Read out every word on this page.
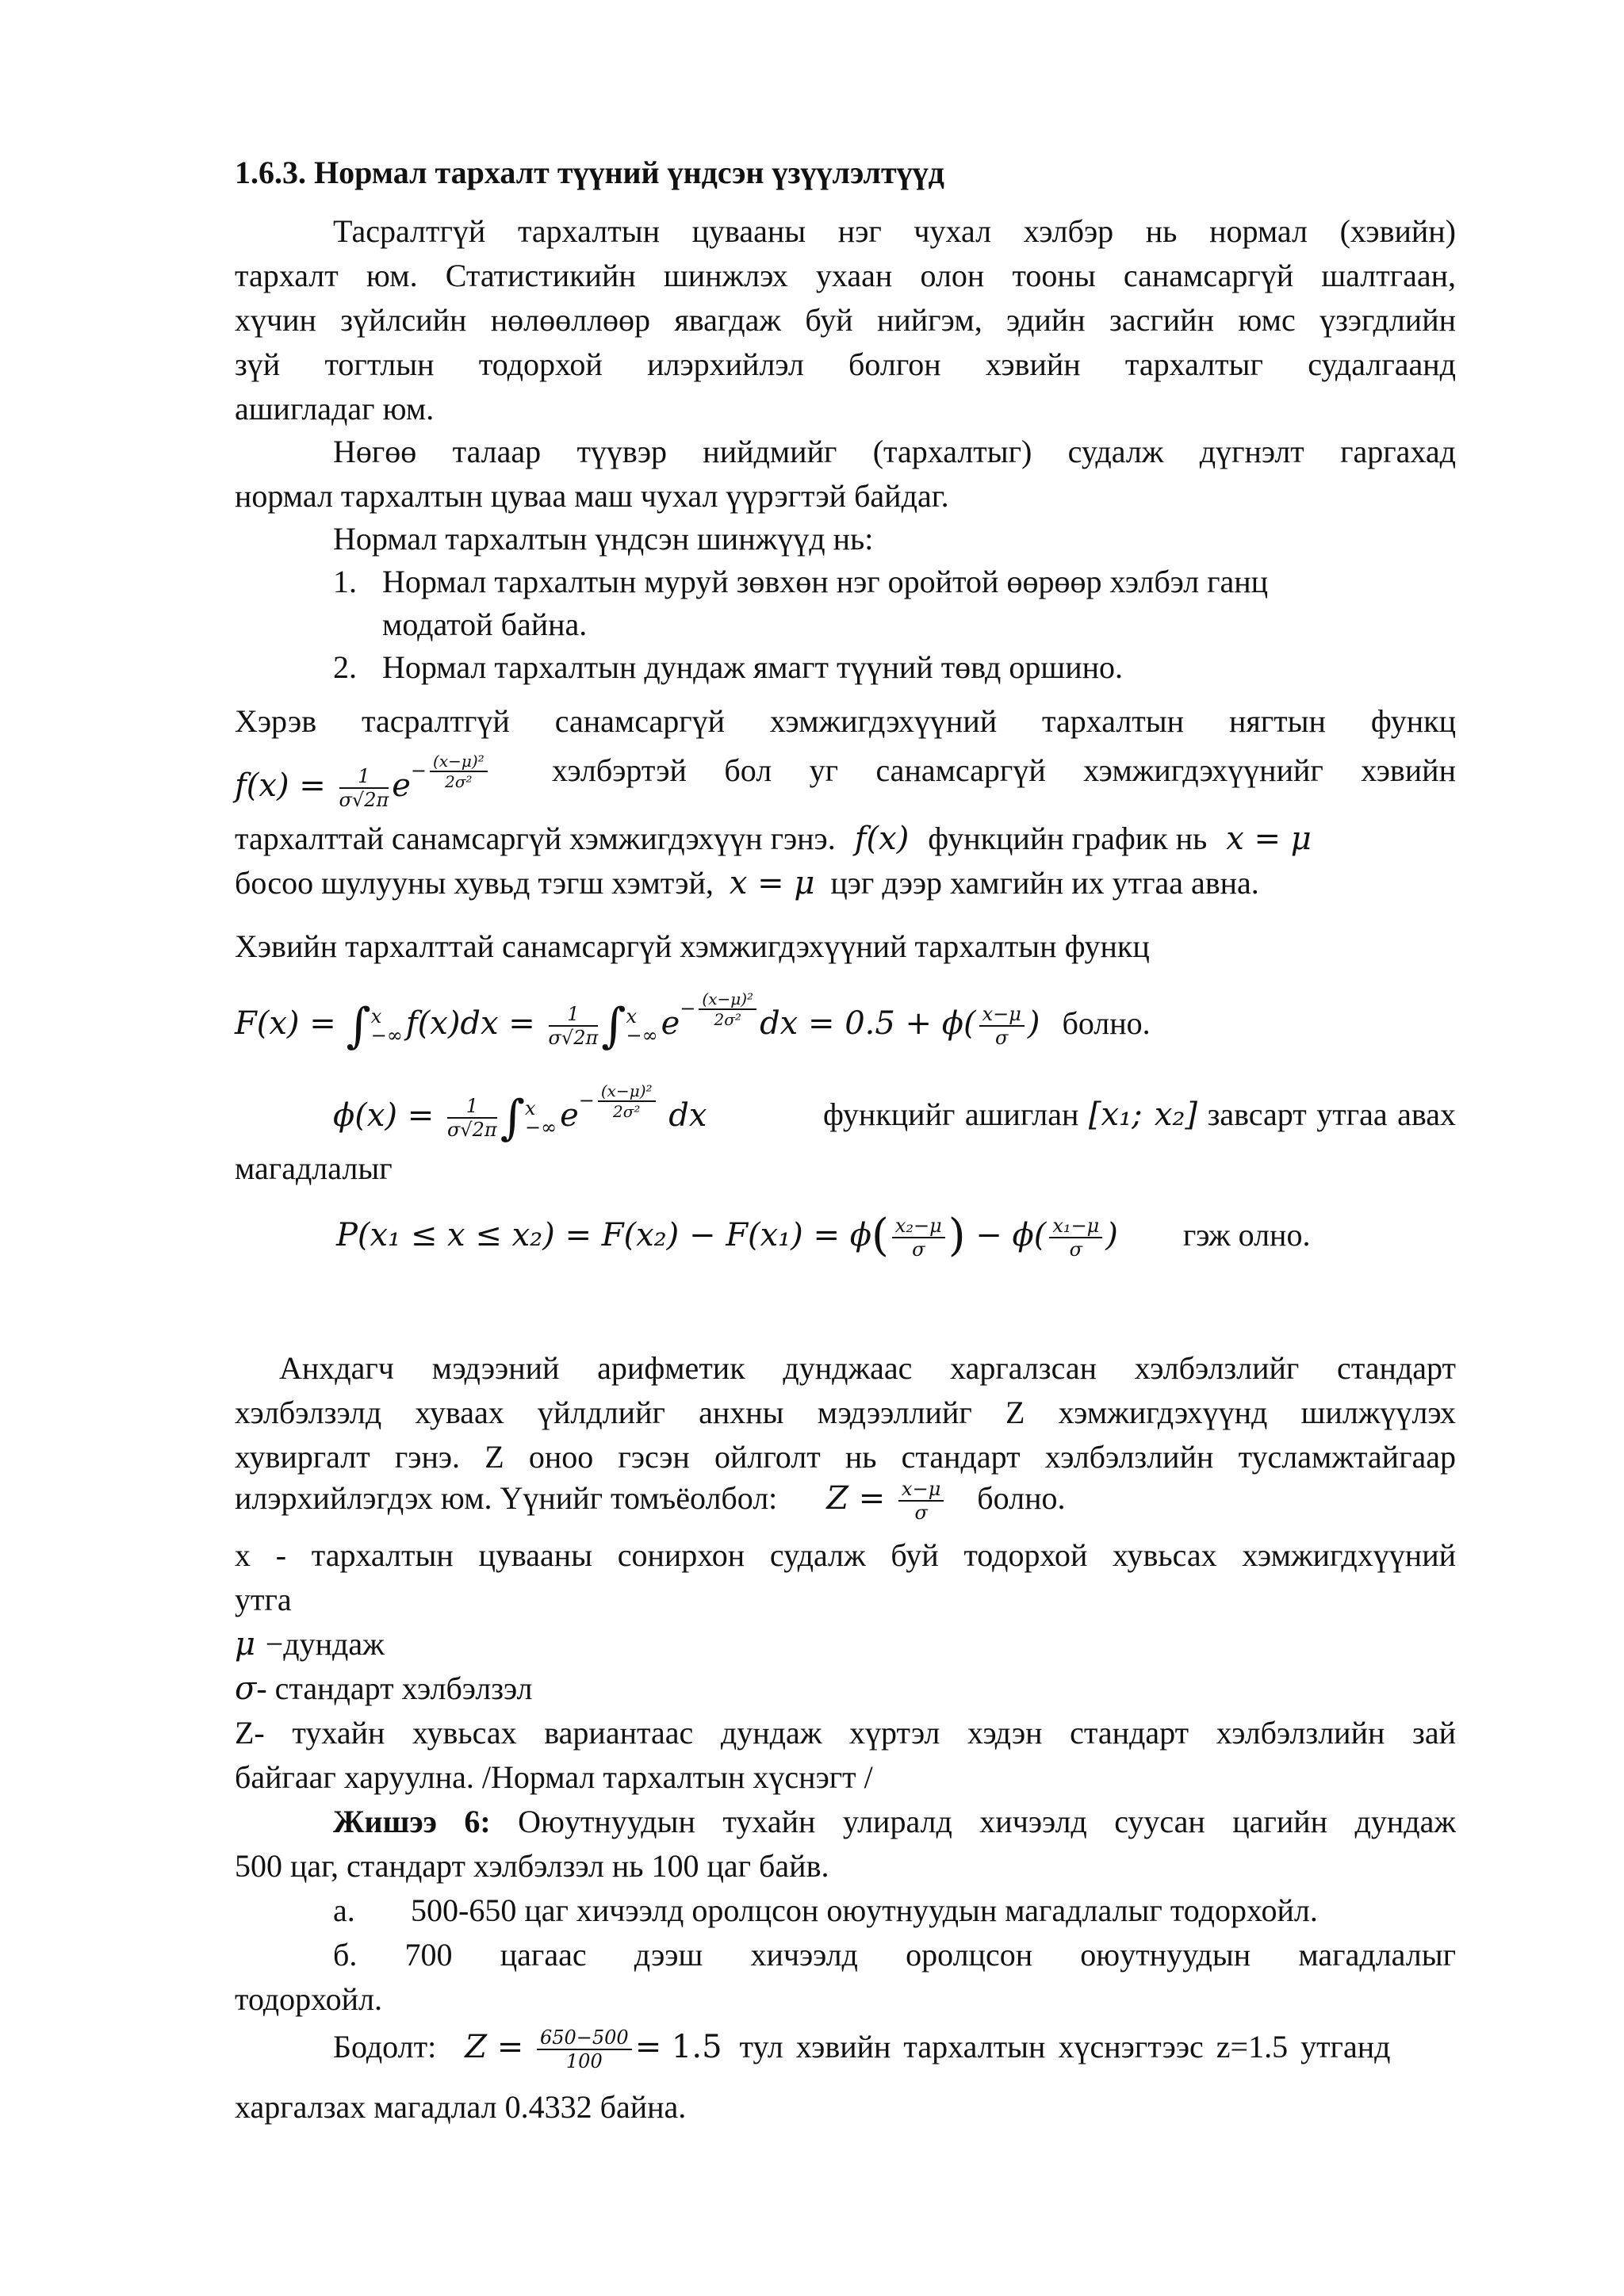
1.6.3. Нормал тархалт түүний үндсэн үзүүлэлтүүд
Тасралтгүй тархалтын цувааны нэг чухал хэлбэр нь нормал (хэвийн)
тархалт юм. Статистикийн шинжлэх ухаан олон тооны санамсаргүй шалтгаан,
хүчин зүйлсийн нөлөөллөөр явагдаж буй нийгэм, эдийн засгийн юмс үзэгдлийн
зүй тогтлын тодорхой илэрхийлэл болгон хэвийн тархалтыг судалгаанд
ашигладаг юм.
Нөгөө талаар түүвэр нийдмийг (тархалтыг) судалж дүгнэлт гаргахад
нормал тархалтын цуваа маш чухал үүрэгтэй байдаг.
Нормал тархалтын үндсэн шинжүүд нь:
1. Нормал тархалтын муруй зөвхөн нэг оройтой өөрөөр хэлбэл ганц
модатой байна.
2. Нормал тархалтын дундаж ямагт түүний төвд оршино.
Хэрэв тасралтгүй санамсаргүй хэмжигдэхүүний тархалтын нягтын функц
$f(x) = \frac{1}{\sigma√2\pi} e^{- \frac{\text{(x−μ)²}}{\text{2σ²}}}$ хэлбэртэй бол уг санамсаргүй хэмжигдэхүүнийг хэвийн
тархалттай санамсаргүй хэмжигдэхүүн гэнэ. f(x) функцийн график нь x = μ
босоо шулууны хувьд тэгш хэмтэй, x = μ цэг дээр хамгийн их утгаа авна.
Хэвийн тархалттай санамсаргүй хэмжигдэхүүний тархалтын функц
F(x) = ∫ x
−∞ $f(x)dx = \frac{1}{\sigma√2\pi}$ ∫ x
−∞ $e^{- \frac{\text{(x−μ)²}}{\text{2σ²}}}$ dx = $0.5 + \phi( \frac{x-\mu}{\sigma}$ ) болно.
$\phi(x) = \frac{1}{\sigma√2\pi}$ ∫ x
−∞ $e^{- \frac{\text{(x−μ)²}}{\text{2σ²}}}$ dx	функцийг ашиглан [x₁; x₂] завсарт утгаа авах
магадлалыг
$P(x_1 \le x \le x_2) = F(x_2) - F(x_1) = \phi( \frac{\text{x₂−μ}}{\sigma}$ ) − $\phi( \frac{\text{x₁−μ}}{\sigma}$ ) гэж олно.
Анхдагч мэдээний арифметик дунджаас харгалзсан хэлбэлзлийг стандарт
хэлбэлзэлд хуваах үйлдлийг анхны мэдээллийг Z хэмжигдэхүүнд шилжүүлэх
хувиргалт гэнэ. Z оноо гэсэн ойлголт нь стандарт хэлбэлзлийн тусламжтайгаар
илэрхийлэгдэх юм. Үүнийг томъёолбол: $Z = \frac{x-\mu}{\sigma}$ болно.
x - тархалтын цувааны сонирхон судалж буй тодорхой хувьсах хэмжигдхүүний
утга
μ −дундаж
σ- стандарт хэлбэлзэл
Z- тухайн хувьсах вариантаас дундаж хүртэл хэдэн стандарт хэлбэлзлийн зай
байгааг харуулна. /Нормал тархалтын хүснэгт /
Жишээ 6: Оюутнуудын тухайн улиралд хичээлд суусан цагийн дундаж
500 цаг, стандарт хэлбэлзэл нь 100 цаг байв.
а. 500-650 цаг хичээлд оролцсон оюутнуудын магадлалыг тодорхойл.
б. 700 цагаас дээш хичээлд оролцсон оюутнуудын магадлалыг
тодорхойл.
Бодолт: $Z = \frac{650-500}{100} = 1.5$ тул хэвийн тархалтын хүснэгтээс z=1.5 утганд
харгалзах магадлал 0.4332 байна.
